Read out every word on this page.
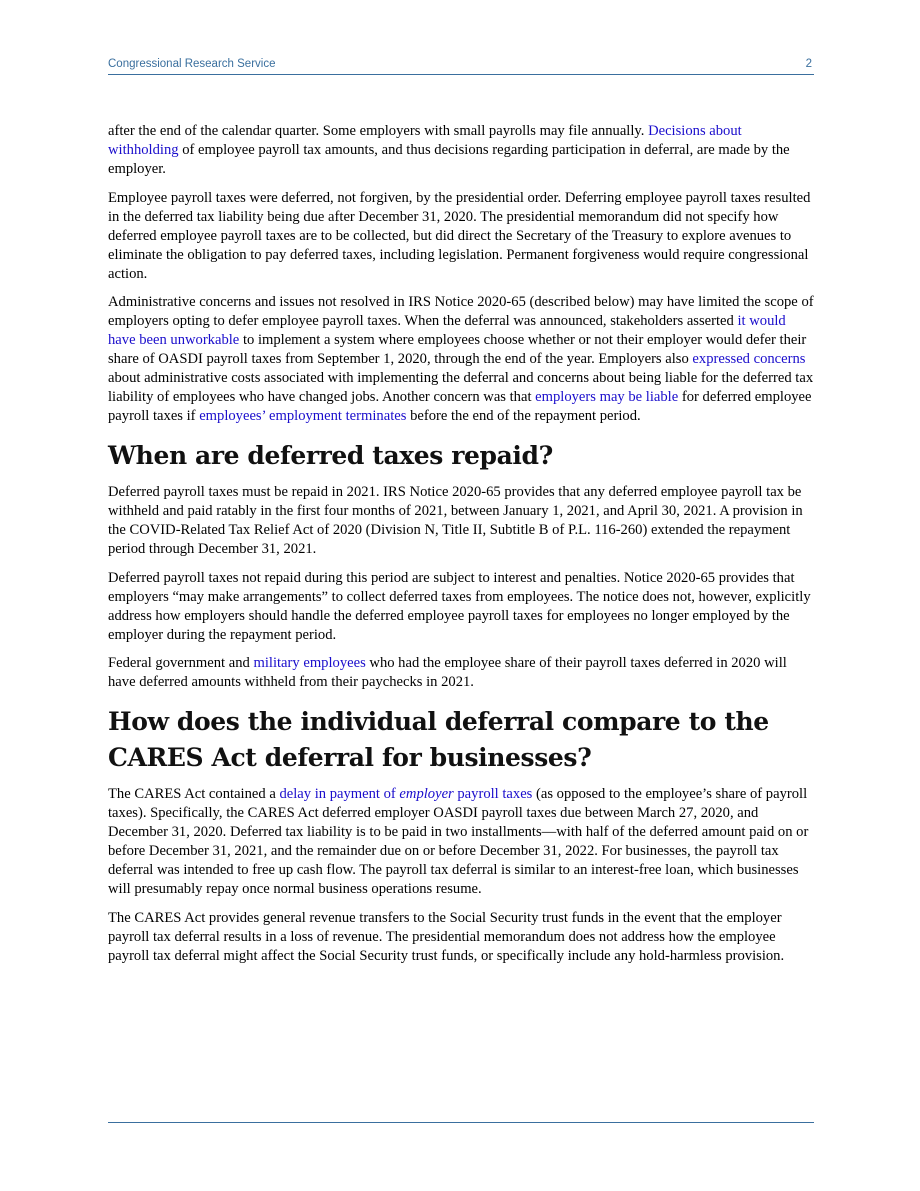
Congressional Research Service	2

after the end of the calendar quarter. Some employers with small payrolls may file annually. Decisions about withholding of employee payroll tax amounts, and thus decisions regarding participation in deferral, are made by the employer.

Employee payroll taxes were deferred, not forgiven, by the presidential order. Deferring employee payroll taxes resulted in the deferred tax liability being due after December 31, 2020. The presidential memorandum did not specify how deferred employee payroll taxes are to be collected, but did direct the Secretary of the Treasury to explore avenues to eliminate the obligation to pay deferred taxes, including legislation. Permanent forgiveness would require congressional action.

Administrative concerns and issues not resolved in IRS Notice 2020-65 (described below) may have limited the scope of employers opting to defer employee payroll taxes. When the deferral was announced, stakeholders asserted it would have been unworkable to implement a system where employees choose whether or not their employer would defer their share of OASDI payroll taxes from September 1, 2020, through the end of the year. Employers also expressed concerns about administrative costs associated with implementing the deferral and concerns about being liable for the deferred tax liability of employees who have changed jobs. Another concern was that employers may be liable for deferred employee payroll taxes if employees’ employment terminates before the end of the repayment period.

When are deferred taxes repaid?

Deferred payroll taxes must be repaid in 2021. IRS Notice 2020-65 provides that any deferred employee payroll tax be withheld and paid ratably in the first four months of 2021, between January 1, 2021, and April 30, 2021. A provision in the COVID-Related Tax Relief Act of 2020 (Division N, Title II, Subtitle B of P.L. 116-260) extended the repayment period through December 31, 2021.

Deferred payroll taxes not repaid during this period are subject to interest and penalties. Notice 2020-65 provides that employers “may make arrangements” to collect deferred taxes from employees. The notice does not, however, explicitly address how employers should handle the deferred employee payroll taxes for employees no longer employed by the employer during the repayment period.

Federal government and military employees who had the employee share of their payroll taxes deferred in 2020 will have deferred amounts withheld from their paychecks in 2021.

How does the individual deferral compare to the CARES Act deferral for businesses?

The CARES Act contained a delay in payment of employer payroll taxes (as opposed to the employee’s share of payroll taxes). Specifically, the CARES Act deferred employer OASDI payroll taxes due between March 27, 2020, and December 31, 2020. Deferred tax liability is to be paid in two installments—with half of the deferred amount paid on or before December 31, 2021, and the remainder due on or before December 31, 2022. For businesses, the payroll tax deferral was intended to free up cash flow. The payroll tax deferral is similar to an interest-free loan, which businesses will presumably repay once normal business operations resume.

The CARES Act provides general revenue transfers to the Social Security trust funds in the event that the employer payroll tax deferral results in a loss of revenue. The presidential memorandum does not address how the employee payroll tax deferral might affect the Social Security trust funds, or specifically include any hold-harmless provision.
